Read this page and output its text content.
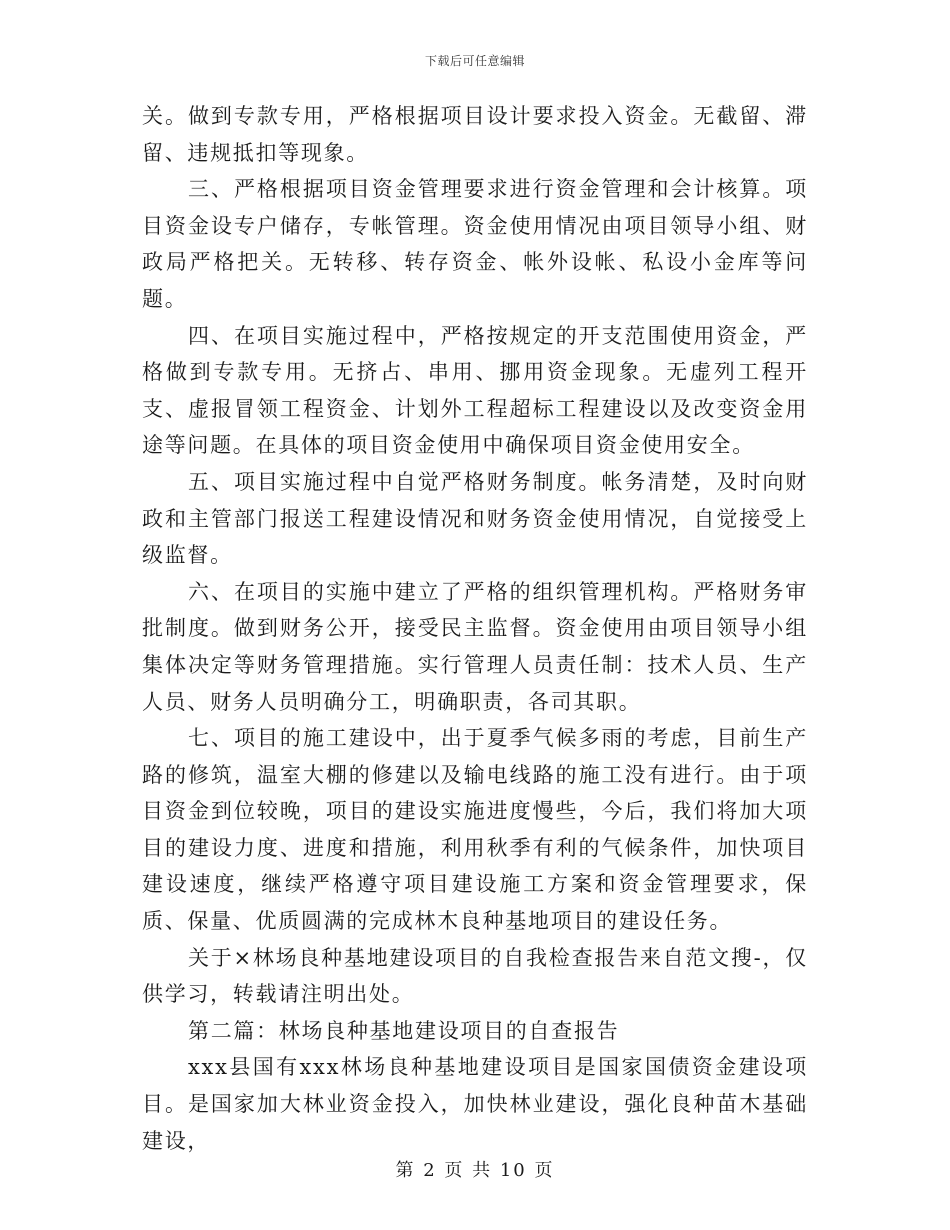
下载后可任意编辑

关。做到专款专用，严格根据项目设计要求投入资金。无截留、滞留、违规抵扣等现象。

三、严格根据项目资金管理要求进行资金管理和会计核算。项目资金设专户储存，专帐管理。资金使用情况由项目领导小组、财政局严格把关。无转移、转存资金、帐外设帐、私设小金库等问题。

四、在项目实施过程中，严格按规定的开支范围使用资金，严格做到专款专用。无挤占、串用、挪用资金现象。无虚列工程开支、虚报冒领工程资金、计划外工程超标工程建设以及改变资金用途等问题。在具体的项目资金使用中确保项目资金使用安全。

五、项目实施过程中自觉严格财务制度。帐务清楚，及时向财政和主管部门报送工程建设情况和财务资金使用情况，自觉接受上级监督。

六、在项目的实施中建立了严格的组织管理机构。严格财务审批制度。做到财务公开，接受民主监督。资金使用由项目领导小组集体决定等财务管理措施。实行管理人员责任制：技术人员、生产人员、财务人员明确分工，明确职责，各司其职。

七、项目的施工建设中，出于夏季气候多雨的考虑，目前生产路的修筑，温室大棚的修建以及输电线路的施工没有进行。由于项目资金到位较晚，项目的建设实施进度慢些，今后，我们将加大项目的建设力度、进度和措施，利用秋季有利的气候条件，加快项目建设速度，继续严格遵守项目建设施工方案和资金管理要求，保质、保量、优质圆满的完成林木良种基地项目的建设任务。

关于×林场良种基地建设项目的自我检查报告来自范文搜-，仅供学习，转载请注明出处。

第二篇：林场良种基地建设项目的自查报告

xxx县国有xxx林场良种基地建设项目是国家国债资金建设项目。是国家加大林业资金投入，加快林业建设，强化良种苗木基础建设，

第 2 页 共 10 页
